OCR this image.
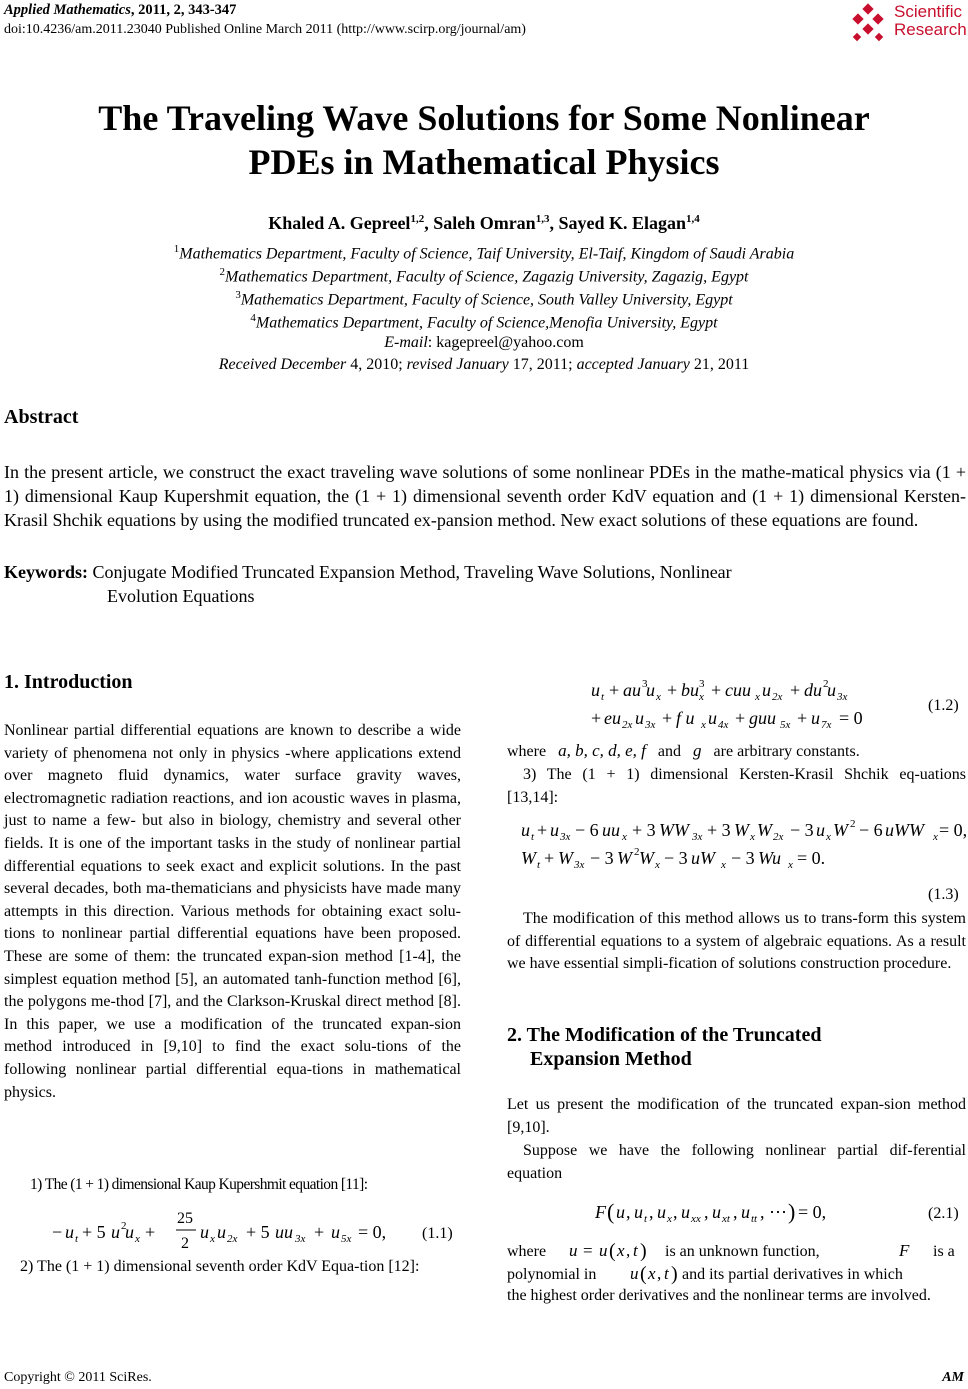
Applied Mathematics, 2011, 2, 343-347
doi:10.4236/am.2011.23040 Published Online March 2011 (http://www.scirp.org/journal/am)
Scientific
Research
The Traveling Wave Solutions for Some Nonlinear
PDEs in Mathematical Physics
Khaled A. Gepreel$^{1,2}$, Saleh Omran$^{1,3}$, Sayed K. Elagan$^{1,4}$
$^1$Mathematics Department, Faculty of Science, Taif University, El-Taif, Kingdom of Saudi Arabia
$^2$Mathematics Department, Faculty of Science, Zagazig University, Zagazig, Egypt
$^3$Mathematics Department, Faculty of Science, South Valley University, Egypt
$^4$Mathematics Department, Faculty of Science,Menofia University, Egypt
E-mail: kagepreel@yahoo.com
Received December 4, 2010; revised January 17, 2011; accepted January 21, 2011
Abstract
In the present article, we construct the exact traveling wave solutions of some nonlinear PDEs in the mathe-matical physics via (1 + 1) dimensional Kaup Kupershmit equation, the (1 + 1) dimensional seventh order KdV equation and (1 + 1) dimensional Kersten-Krasil Shchik equations by using the modified truncated ex-pansion method. New exact solutions of these equations are found.
Keywords: Conjugate Modified Truncated Expansion Method, Traveling Wave Solutions, Nonlinear
Evolution Equations
1. Introduction
Nonlinear partial differential equations are known to describe a wide variety of phenomena not only in physics -where applications extend over magneto fluid dynamics, water surface gravity waves, electromagnetic radiation reactions, and ion acoustic waves in plasma, just to name a few- but also in biology, chemistry and several other fields. It is one of the important tasks in the study of nonlinear partial differential equations to seek exact and explicit solutions. In the past several decades, both ma-thematicians and physicists have made many attempts in this direction. Various methods for obtaining exact solu-tions to nonlinear partial differential equations have been proposed. These are some of them: the truncated expan-sion method [1-4], the simplest equation method [5], an automated tanh-function method [6], the polygons me-thod [7], and the Clarkson-Kruskal direct method [8]. In this paper, we use a modification of the truncated expan-sion method introduced in [9,10] to find the exact solu-tions of the following nonlinear partial differential equa-tions in mathematical physics.
1) The (1 + 1) dimensional Kaup Kupershmit equation [11]:
− u t + 5 u 2
u x +
25
2
u x u 2x + 5 uu 3x + u 5x = 0, (1.1)
2) The (1 + 1) dimensional seventh order KdV Equa-tion [12]:
u t + au 3
u x + bu 3
x + cuu x u 2x + du 2
u 3x
+ eu 2x u 3x + f u x u 4x + guu 5x + u 7x = 0
(1.2)
where a, b, c, d, e, f and g are arbitrary constants.
3) The (1 + 1) dimensional Kersten-Krasil Shchik eq-uations [13,14]:
u t + u 3x − 6 uu x + 3 WW 3x + 3 W x W 2x − 3 u x W 2 − 6 uWW x = 0,
W t + W 3x − 3 W 2 W x − 3 uW x − 3 Wu x = 0.
(1.3)
The modification of this method allows us to trans-form this system of differential equations to a system of algebraic equations. As a result we have essential simpli-fication of solutions construction procedure.
2. The Modification of the Truncated
Expansion Method
Let us present the modification of the truncated expan-sion method [9,10].
Suppose we have the following nonlinear partial dif-ferential equation
F ( u , u t , u x , u xx , u xt , u tt , ⋯ ) = 0,	(2.1)
where u = u ( x , t ) is an unknown function,	F is a
polynomial in u ( x , t ) and its partial derivatives in which
the highest order derivatives and the nonlinear terms are involved.
Copyright © 2011 SciRes.	AM
